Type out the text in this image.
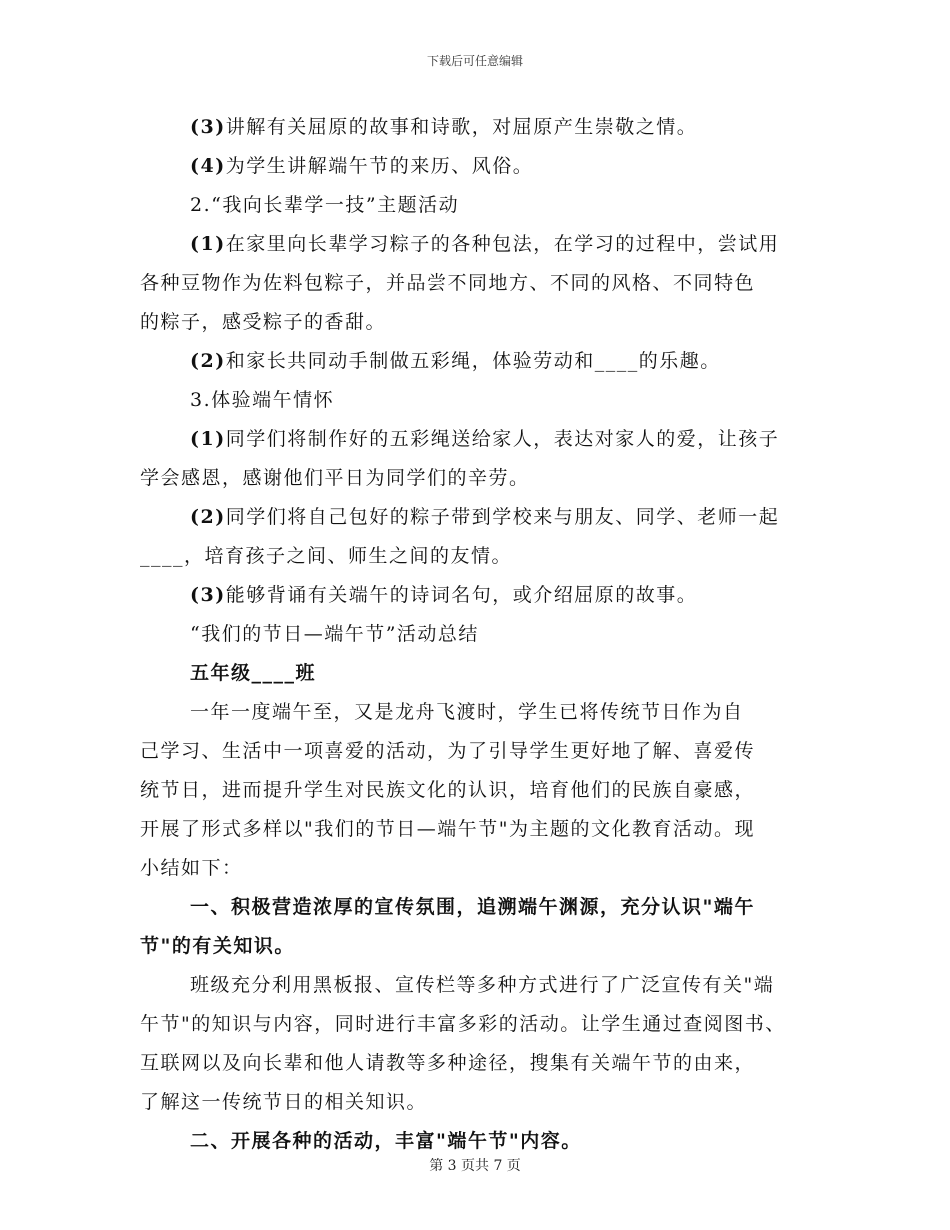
下载后可任意编辑
(3)讲解有关屈原的故事和诗歌，对屈原产生崇敬之情。
(4)为学生讲解端午节的来历、风俗。
2.“我向长辈学一技”主题活动
(1)在家里向长辈学习粽子的各种包法，在学习的过程中，尝试用
各种豆物作为佐料包粽子，并品尝不同地方、不同的风格、不同特色
的粽子，感受粽子的香甜。
(2)和家长共同动手制做五彩绳，体验劳动和____的乐趣。
3.体验端午情怀
(1)同学们将制作好的五彩绳送给家人，表达对家人的爱，让孩子
学会感恩，感谢他们平日为同学们的辛劳。
(2)同学们将自己包好的粽子带到学校来与朋友、同学、老师一起
____，培育孩子之间、师生之间的友情。
(3)能够背诵有关端午的诗词名句，或介绍屈原的故事。
“我们的节日—端午节”活动总结
五年级____班
一年一度端午至，又是龙舟飞渡时，学生已将传统节日作为自
己学习、生活中一项喜爱的活动，为了引导学生更好地了解、喜爱传
统节日，进而提升学生对民族文化的认识，培育他们的民族自豪感，
开展了形式多样以"我们的节日—端午节"为主题的文化教育活动。现
小结如下：
一、积极营造浓厚的宣传氛围，追溯端午渊源，充分认识"端午
节"的有关知识。
班级充分利用黑板报、宣传栏等多种方式进行了广泛宣传有关"端
午节"的知识与内容，同时进行丰富多彩的活动。让学生通过查阅图书、
互联网以及向长辈和他人请教等多种途径，搜集有关端午节的由来，
了解这一传统节日的相关知识。
二、开展各种的活动，丰富"端午节"内容。
第 3 页共 7 页
